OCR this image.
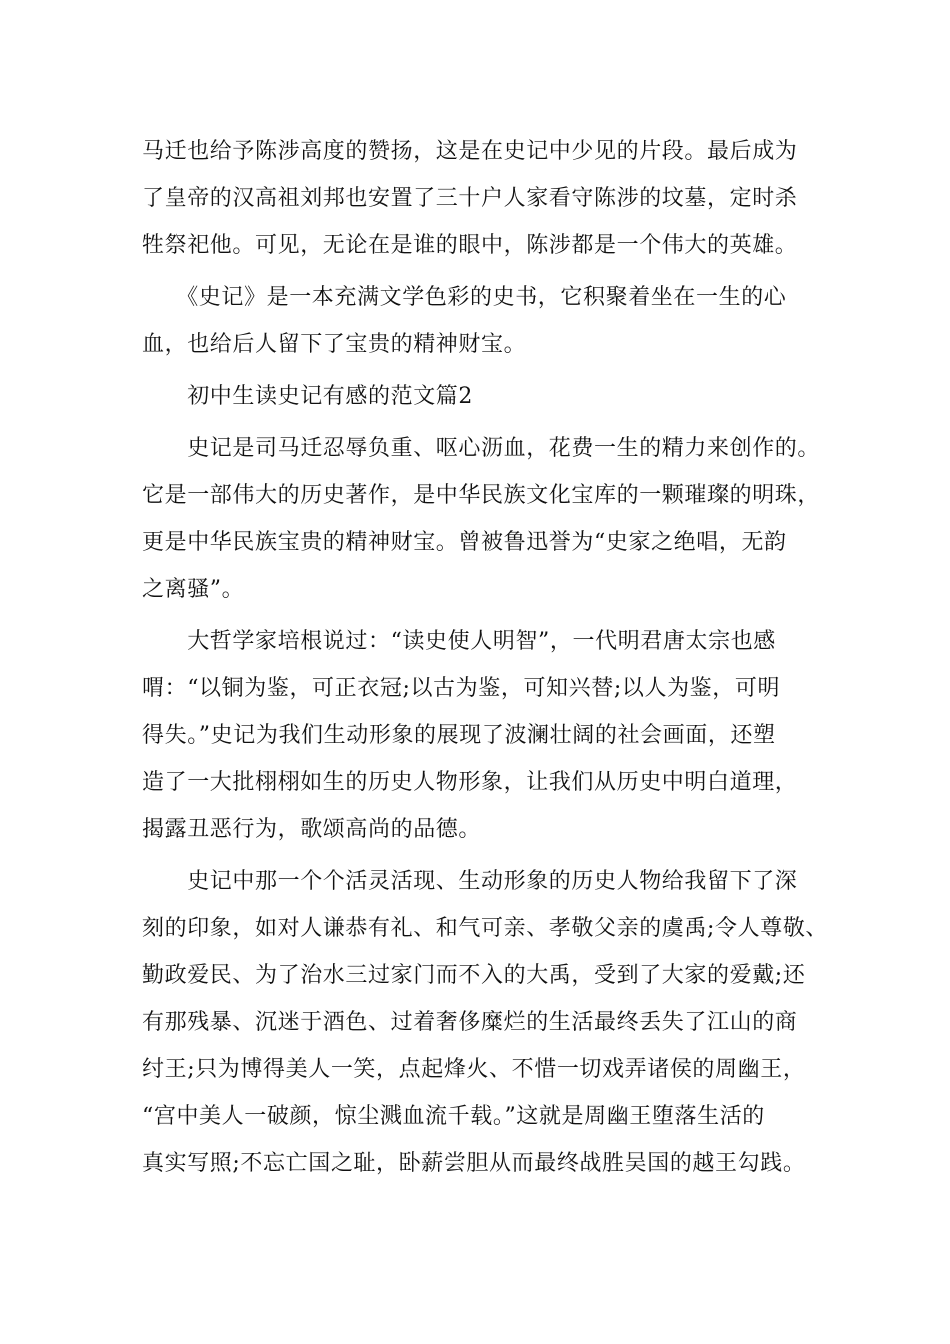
马迁也给予陈涉高度的赞扬，这是在史记中少见的片段。最后成为
了皇帝的汉高祖刘邦也安置了三十户人家看守陈涉的坟墓，定时杀
牲祭祀他。可见，无论在是谁的眼中，陈涉都是一个伟大的英雄。
　　《史记》是一本充满文学色彩的史书，它积聚着坐在一生的心
血，也给后人留下了宝贵的精神财宝。
　　初中生读史记有感的范文篇2
　　史记是司马迁忍辱负重、呕心沥血，花费一生的精力来创作的。
它是一部伟大的历史著作，是中华民族文化宝库的一颗璀璨的明珠，
更是中华民族宝贵的精神财宝。曾被鲁迅誉为“史家之绝唱，无韵
之离骚”。
　　大哲学家培根说过：“读史使人明智”，一代明君唐太宗也感
喟：“以铜为鉴，可正衣冠;以古为鉴，可知兴替;以人为鉴，可明
得失。”史记为我们生动形象的展现了波澜壮阔的社会画面，还塑
造了一大批栩栩如生的历史人物形象，让我们从历史中明白道理，
揭露丑恶行为，歌颂高尚的品德。
　　史记中那一个个活灵活现、生动形象的历史人物给我留下了深
刻的印象，如对人谦恭有礼、和气可亲、孝敬父亲的虞禹;令人尊敬、
勤政爱民、为了治水三过家门而不入的大禹，受到了大家的爱戴;还
有那残暴、沉迷于酒色、过着奢侈糜烂的生活最终丢失了江山的商
纣王;只为博得美人一笑，点起烽火、不惜一切戏弄诸侯的周幽王，
“宫中美人一破颜，惊尘溅血流千载。”这就是周幽王堕落生活的
真实写照;不忘亡国之耻，卧薪尝胆从而最终战胜吴国的越王勾践。
